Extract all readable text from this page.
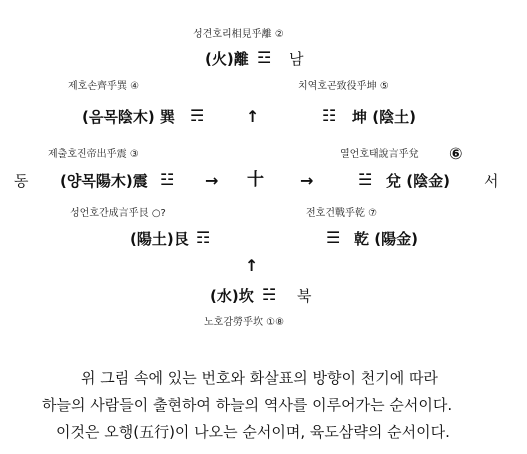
성견호리相見乎離 ②
(火)離 ☲ 남
제호손齊乎巽 ④
(음목陰木) 巽 ☴	↑
치역호곤致役乎坤 ⑤
☷ 坤 (陰土)
제출호진帝出乎震 ③
동 (양목陽木)震 ☳ → 十 →
열언호태說言乎兌 ⑥
☱ 兌 (陰金) 서
성언호간成言乎艮 ○?
(陽土)艮 ☶
전호건戰乎乾 ⑦
☰ 乾 (陽金)
↑
(水)坎 ☵ 북
노호감勞乎坎 ①⑧
위 그림 속에 있는 번호와 화살표의 방향이 천기에 따라
하늘의 사람들이 출현하여 하늘의 역사를 이루어가는 순서이다.
이것은 오행(五行)이 나오는 순서이며, 육도삼략의 순서이다.
